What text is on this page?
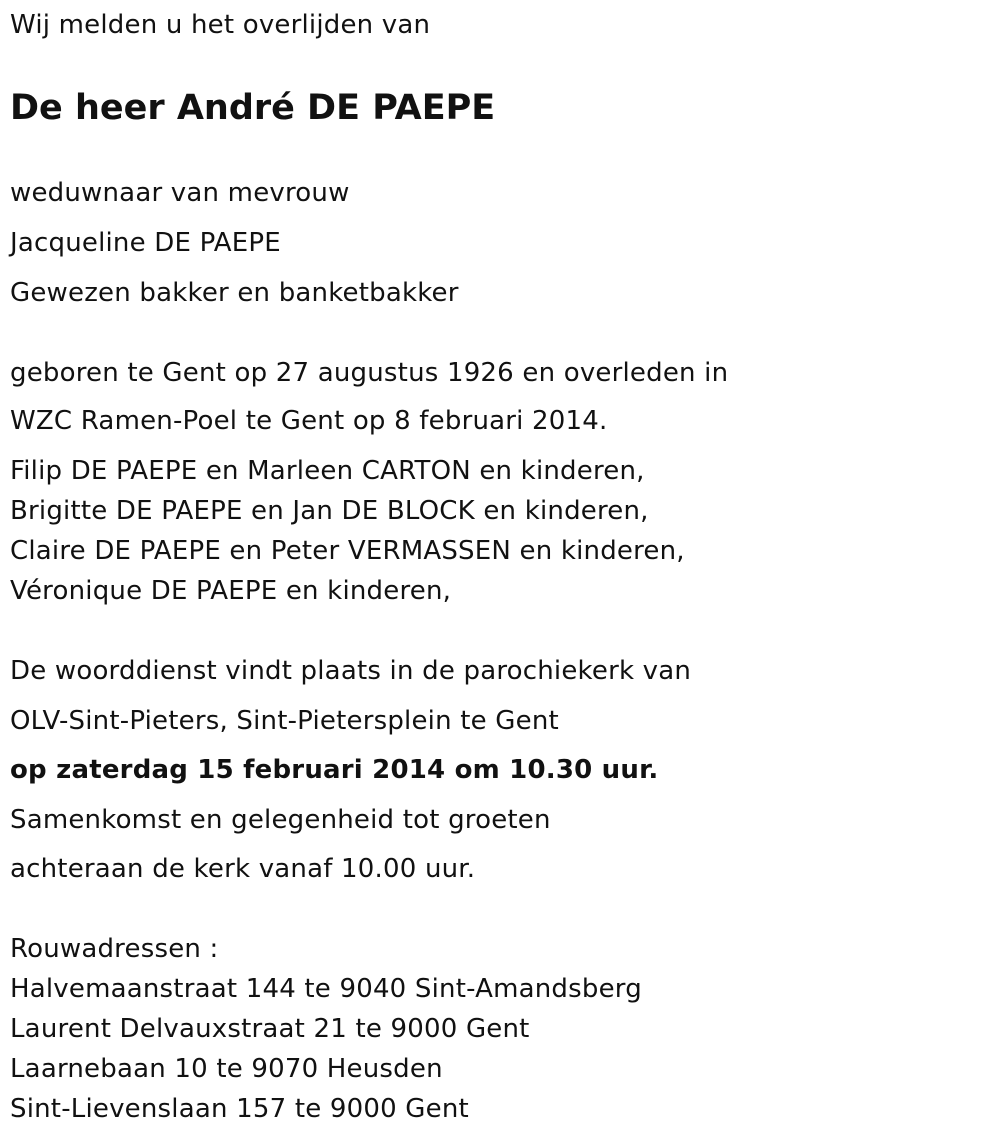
Wij melden u het overlijden van
De heer André DE PAEPE
weduwnaar van mevrouw
Jacqueline DE PAEPE
Gewezen bakker en banketbakker
geboren te Gent op 27 augustus 1926 en overleden in
WZC Ramen-Poel te Gent op 8 februari 2014.
Filip DE PAEPE en Marleen CARTON en kinderen,
Brigitte DE PAEPE en Jan DE BLOCK en kinderen,
Claire DE PAEPE en Peter VERMASSEN en kinderen,
Véronique DE PAEPE en kinderen,
De woorddienst vindt plaats in de parochiekerk van
OLV-Sint-Pieters, Sint-Pietersplein te Gent
op zaterdag 15 februari 2014 om 10.30 uur.
Samenkomst en gelegenheid tot groeten
achteraan de kerk vanaf 10.00 uur.
Rouwadressen :
Halvemaanstraat 144 te 9040 Sint-Amandsberg
Laurent Delvauxstraat 21 te 9000 Gent
Laarnebaan 10 te 9070 Heusden
Sint-Lievenslaan 157 te 9000 Gent
